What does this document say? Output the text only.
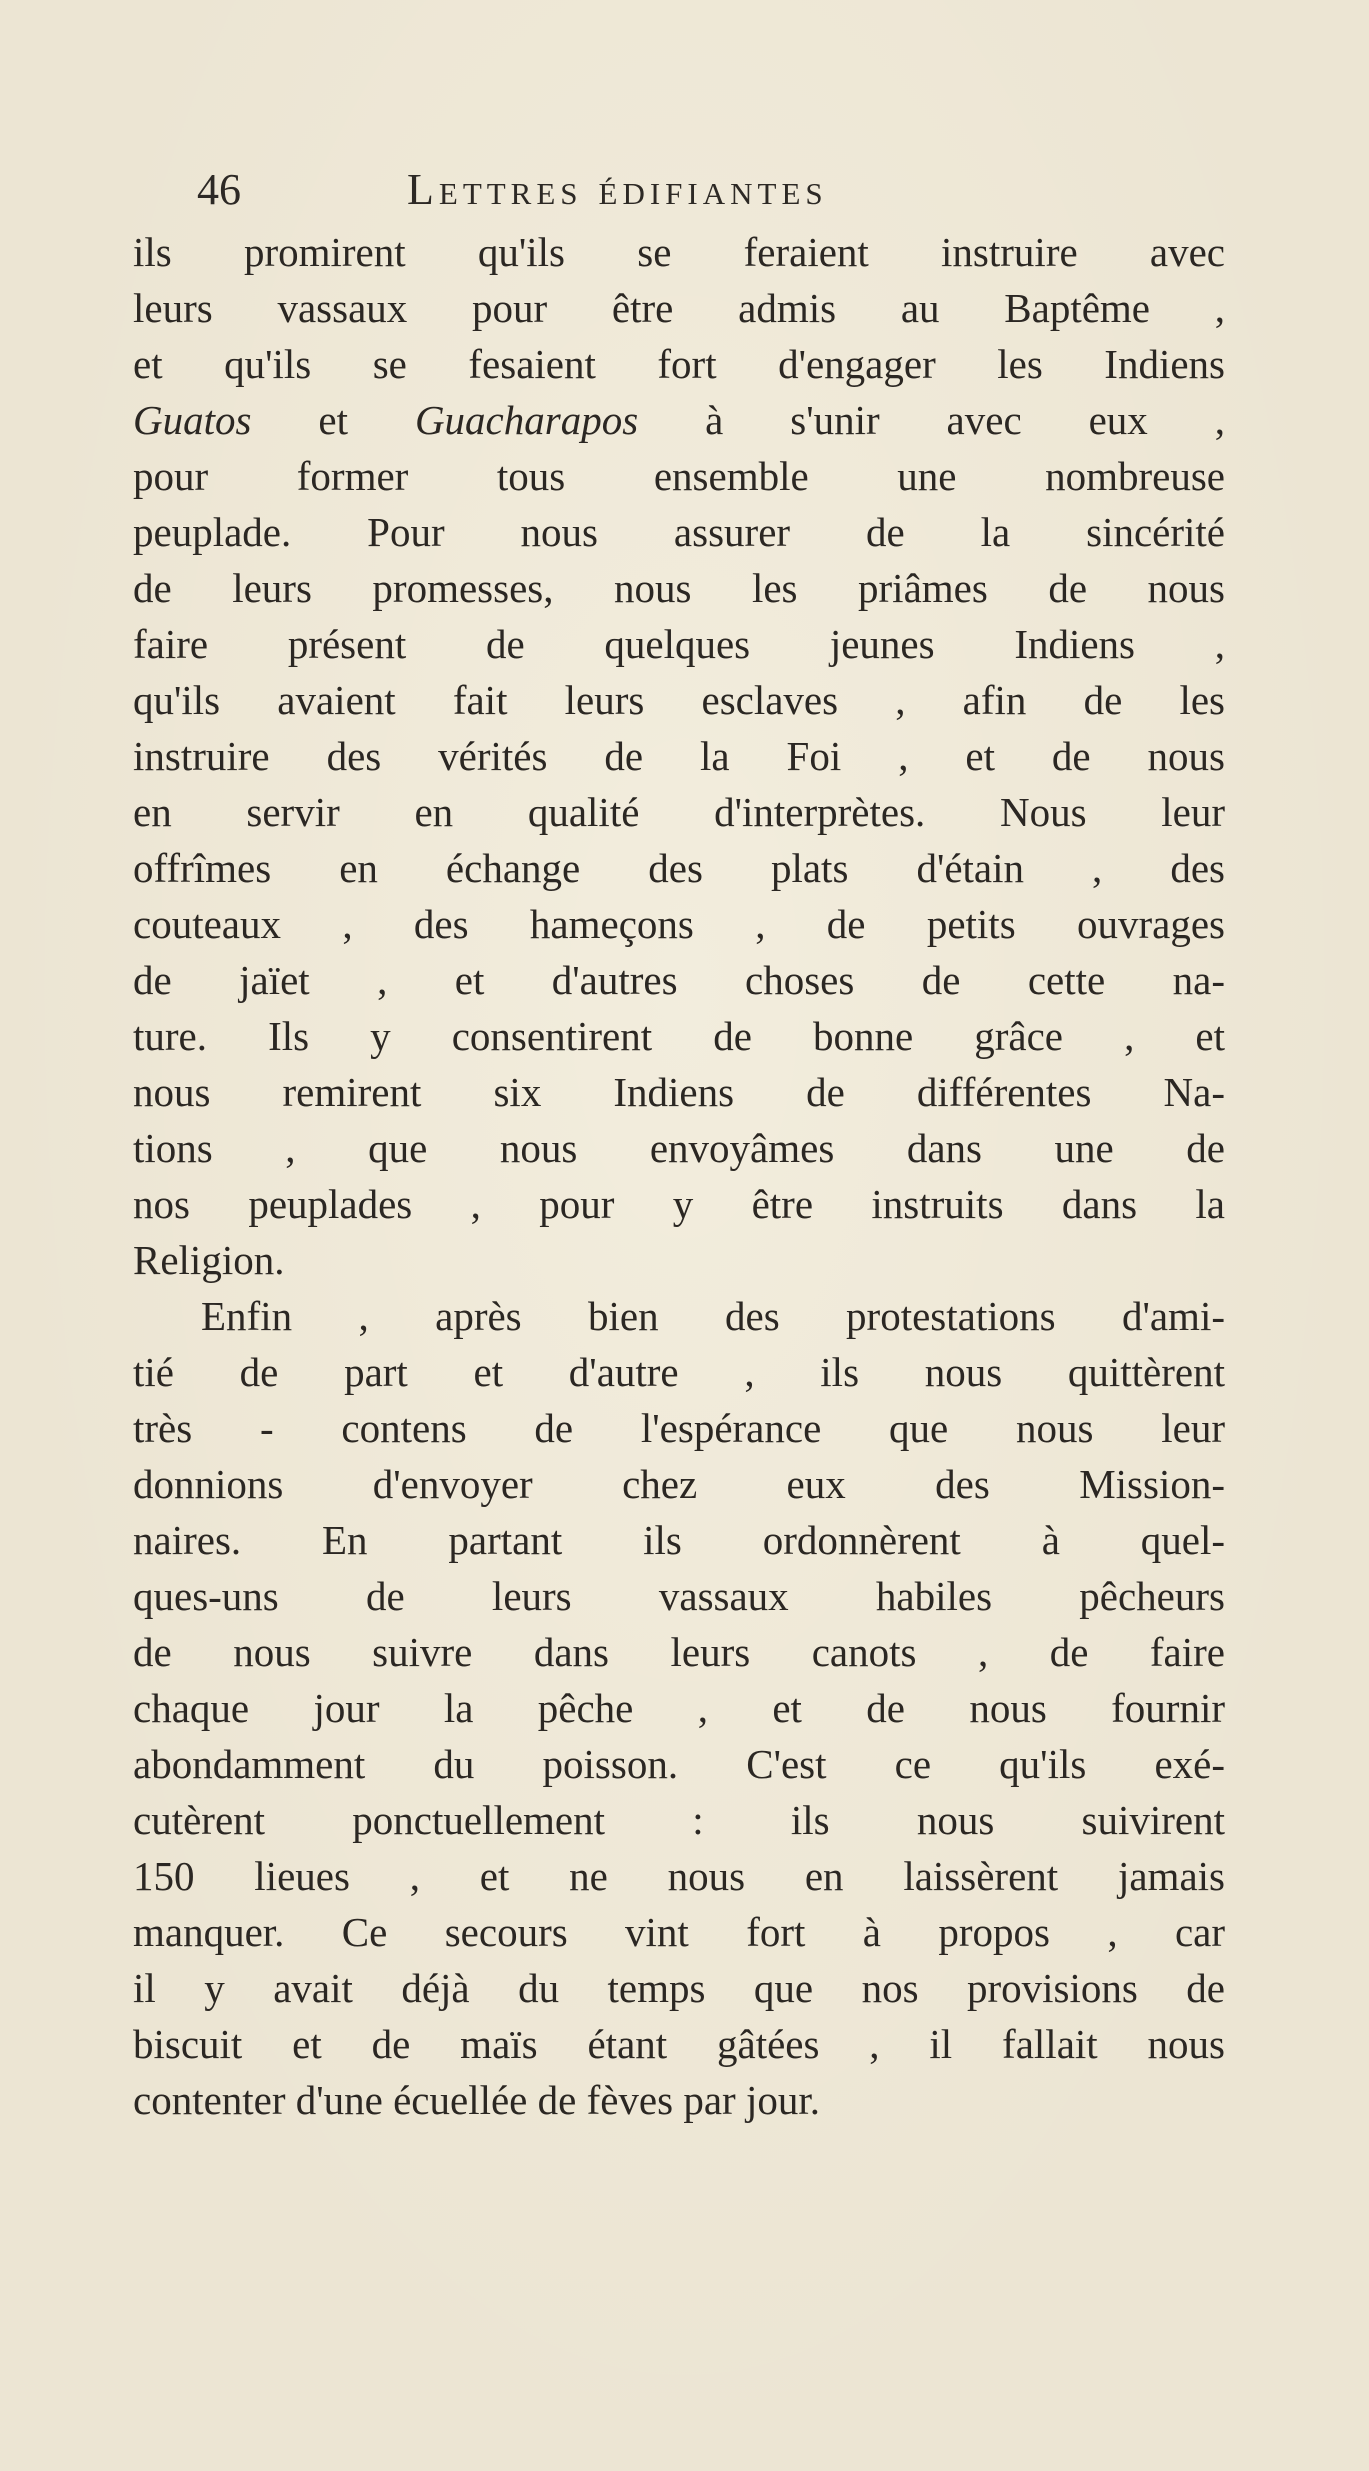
46	Lettres édifiantes
ils promirent qu'ils se feraient instruire avec
leurs vassaux pour être admis au Baptême ,
et qu'ils se fesaient fort d'engager les Indiens
Guatos et Guacharapos à s'unir avec eux ,
pour former tous ensemble une nombreuse
peuplade. Pour nous assurer de la sincérité
de leurs promesses, nous les priâmes de nous
faire présent de quelques jeunes Indiens ,
qu'ils avaient fait leurs esclaves , afin de les
instruire des vérités de la Foi , et de nous
en servir en qualité d'interprètes. Nous leur
offrîmes en échange des plats d'étain , des
couteaux , des hameçons , de petits ouvrages
de jaïet , et d'autres choses de cette na-
ture. Ils y consentirent de bonne grâce , et
nous remirent six Indiens de différentes Na-
tions , que nous envoyâmes dans une de
nos peuplades , pour y être instruits dans la
Religion.
Enfin , après bien des protestations d'ami-
tié de part et d'autre , ils nous quittèrent
très - contens de l'espérance que nous leur
donnions d'envoyer chez eux des Mission-
naires. En partant ils ordonnèrent à quel-
ques-uns de leurs vassaux habiles pêcheurs
de nous suivre dans leurs canots , de faire
chaque jour la pêche , et de nous fournir
abondamment du poisson. C'est ce qu'ils exé-
cutèrent ponctuellement : ils nous suivirent
150 lieues , et ne nous en laissèrent jamais
manquer. Ce secours vint fort à propos , car
il y avait déjà du temps que nos provisions de
biscuit et de maïs étant gâtées , il fallait nous
contenter d'une écuellée de fèves par jour.
